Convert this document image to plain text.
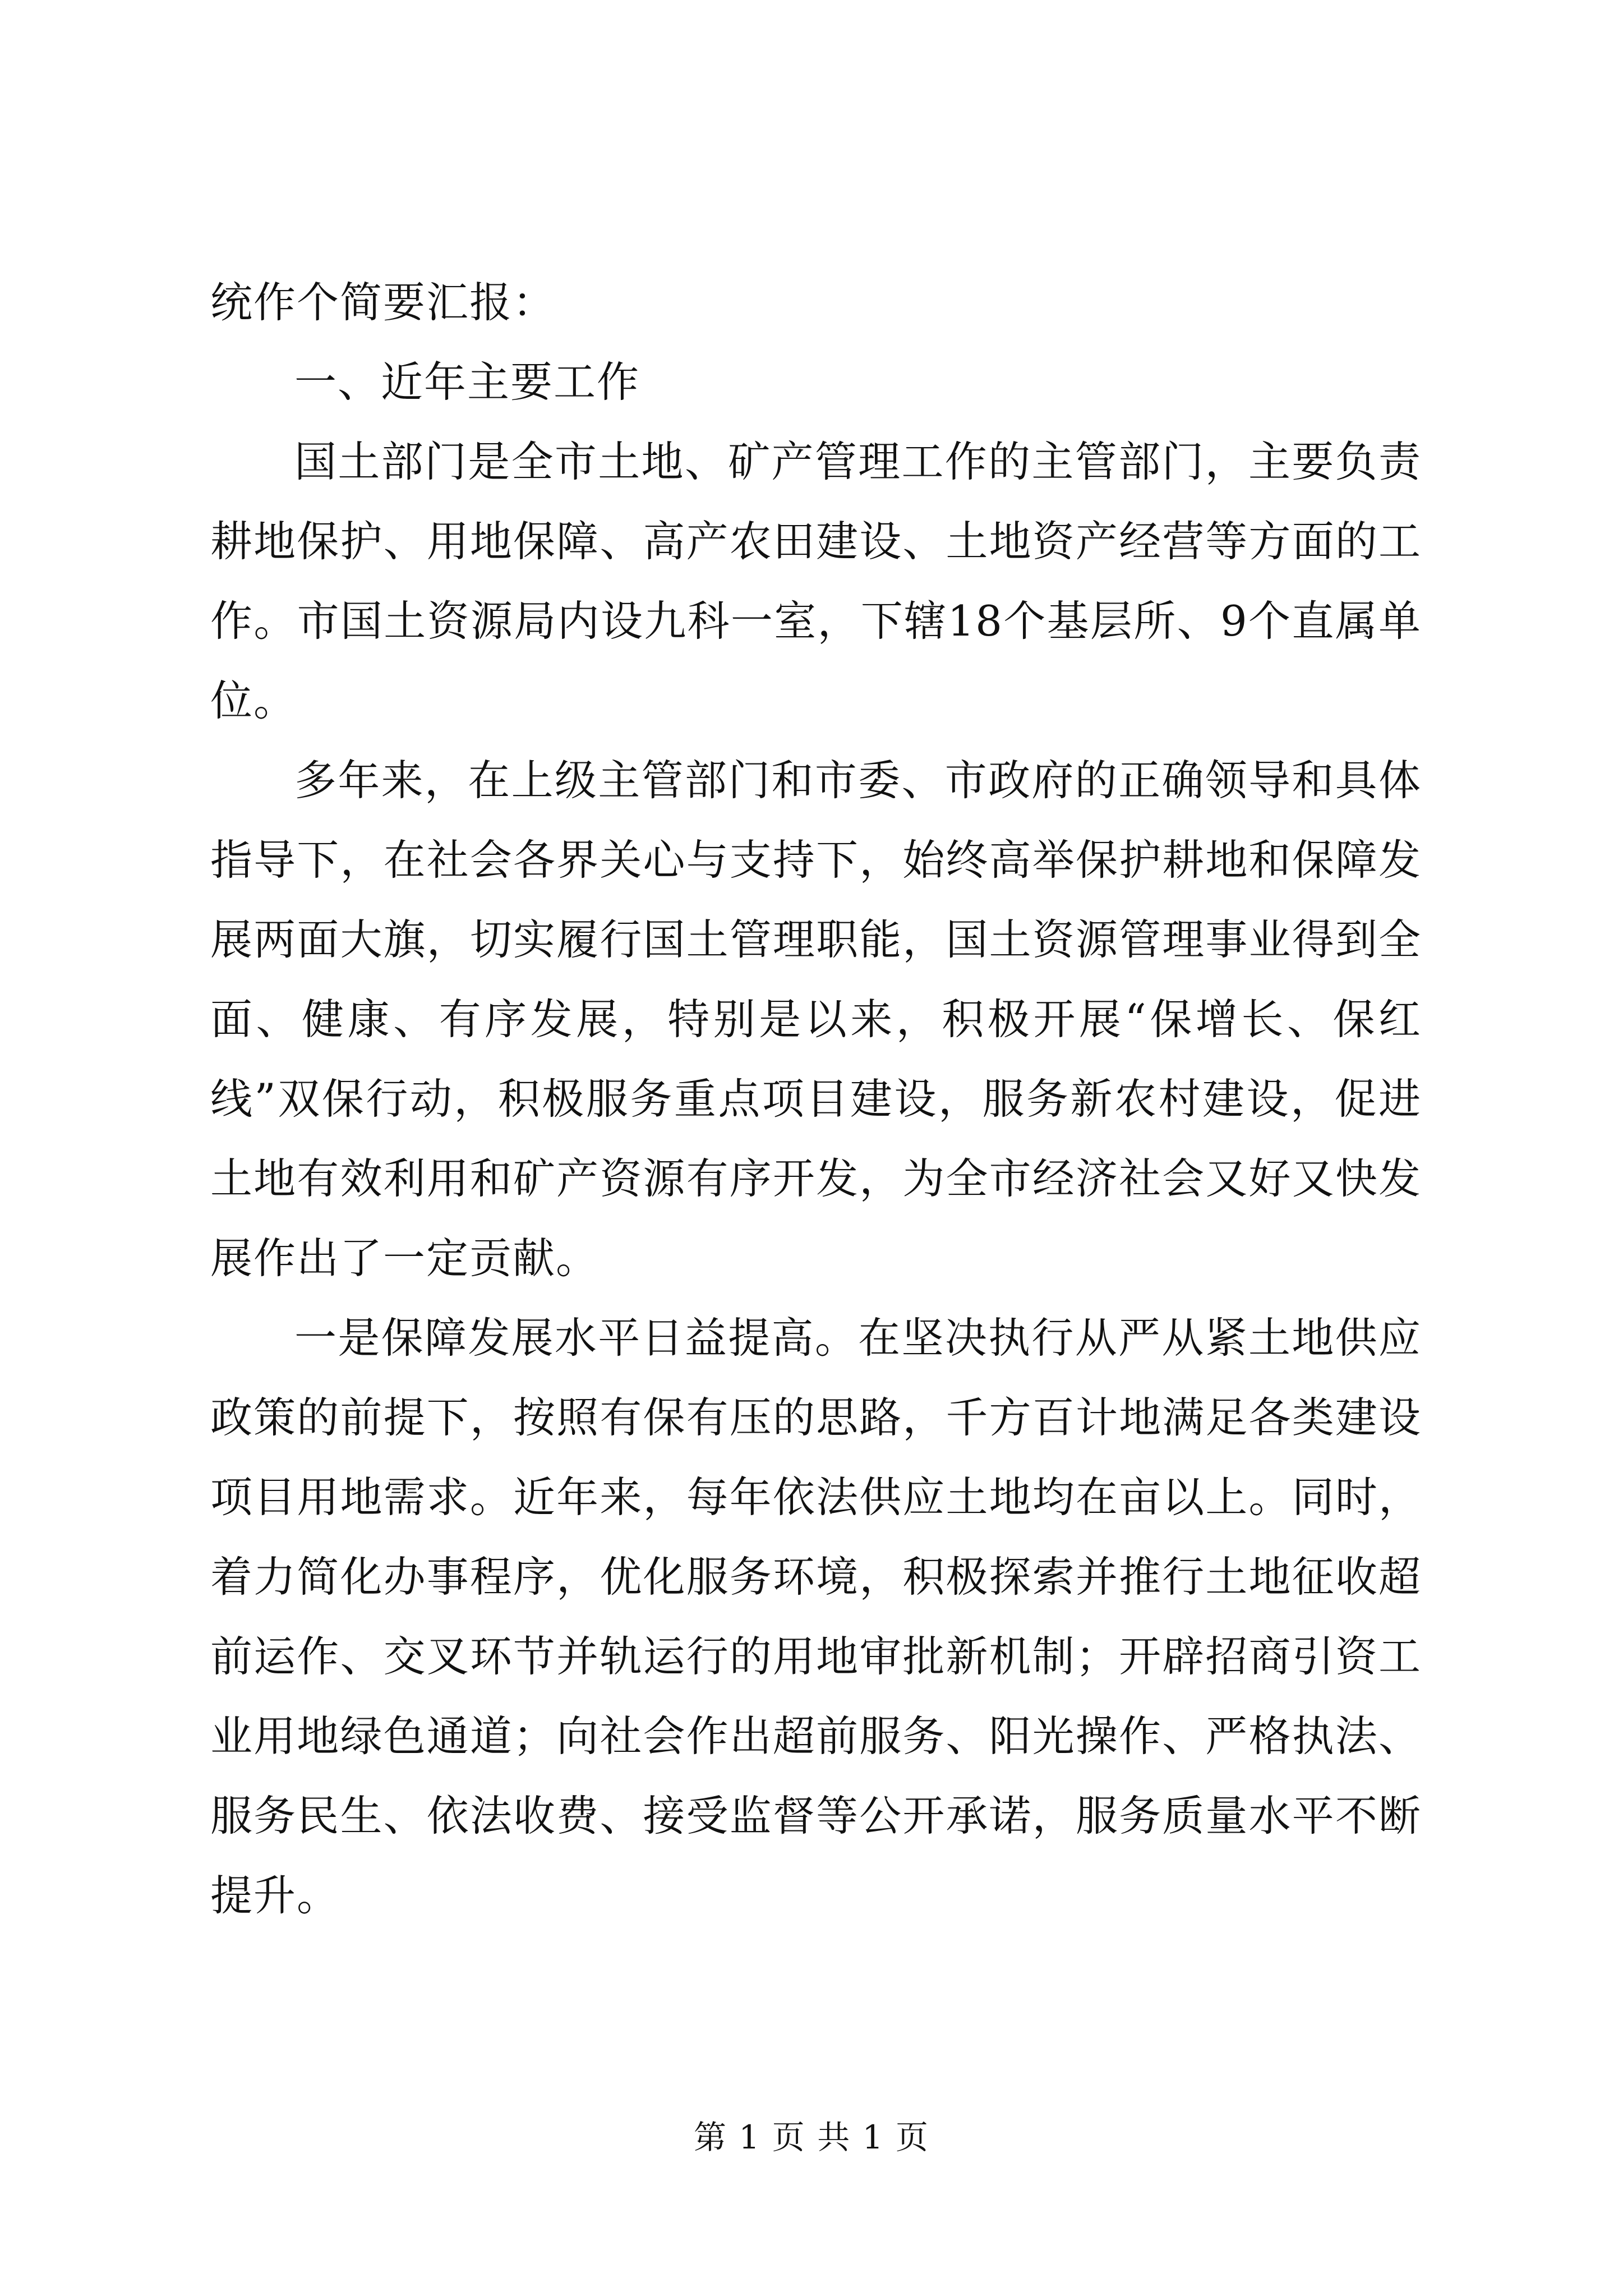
统作个简要汇报：

一、近年主要工作

国土部门是全市土地、矿产管理工作的主管部门，主要负责耕地保护、用地保障、高产农田建设、土地资产经营等方面的工作。市国土资源局内设九科一室，下辖18个基层所、9个直属单位。

多年来，在上级主管部门和市委、市政府的正确领导和具体指导下，在社会各界关心与支持下，始终高举保护耕地和保障发展两面大旗，切实履行国土管理职能，国土资源管理事业得到全面、健康、有序发展，特别是以来，积极开展“保增长、保红线”双保行动，积极服务重点项目建设，服务新农村建设，促进土地有效利用和矿产资源有序开发，为全市经济社会又好又快发展作出了一定贡献。

一是保障发展水平日益提高。在坚决执行从严从紧土地供应政策的前提下，按照有保有压的思路，千方百计地满足各类建设项目用地需求。近年来，每年依法供应土地均在亩以上。同时，着力简化办事程序，优化服务环境，积极探索并推行土地征收超前运作、交叉环节并轨运行的用地审批新机制；开辟招商引资工业用地绿色通道；向社会作出超前服务、阳光操作、严格执法、服务民生、依法收费、接受监督等公开承诺，服务质量水平不断提升。

第 1 页 共 1 页
